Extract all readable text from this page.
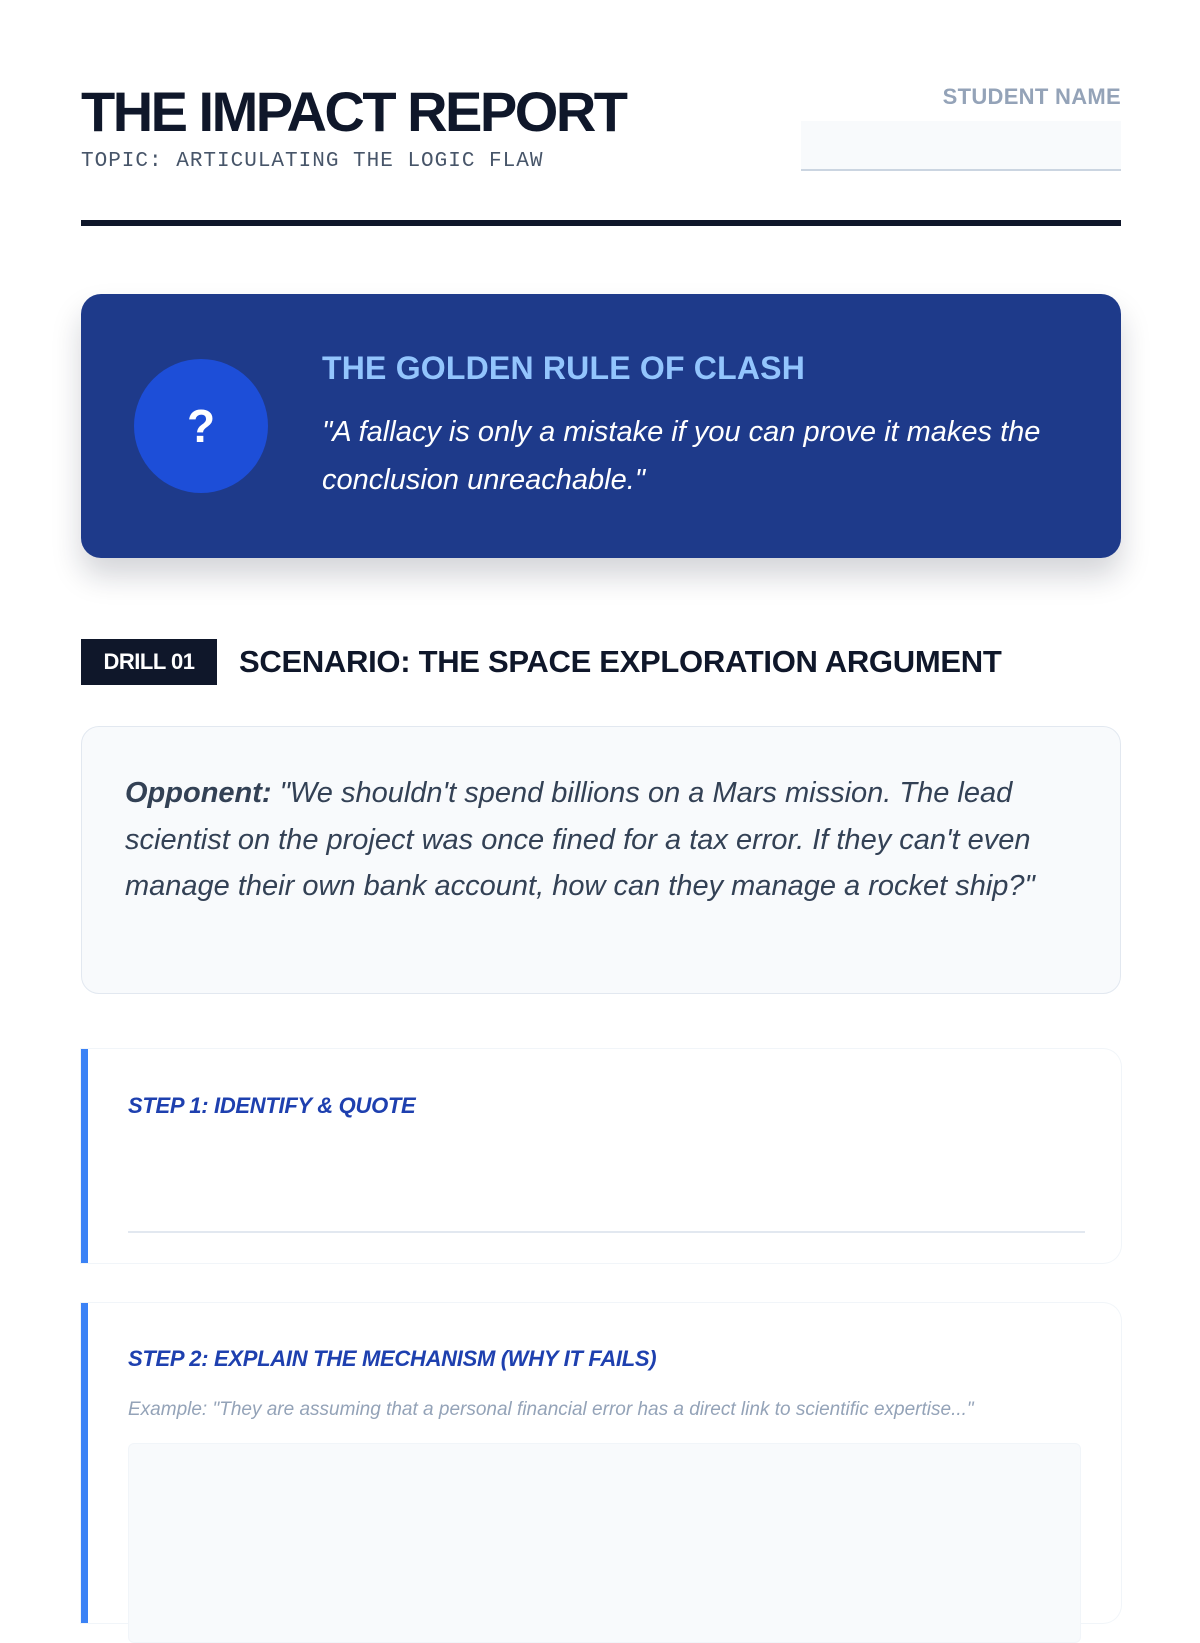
THE IMPACT REPORT
TOPIC: ARTICULATING THE LOGIC FLAW
STUDENT NAME
?
THE GOLDEN RULE OF CLASH
"A fallacy is only a mistake if you can prove it makes the conclusion unreachable."
DRILL 01	SCENARIO: THE SPACE EXPLORATION ARGUMENT
Opponent: "We shouldn't spend billions on a Mars mission. The lead scientist on the project was once fined for a tax error. If they can't even manage their own bank account, how can they manage a rocket ship?"
STEP 1: IDENTIFY & QUOTE
STEP 2: EXPLAIN THE MECHANISM (WHY IT FAILS)
Example: "They are assuming that a personal financial error has a direct link to scientific expertise..."
